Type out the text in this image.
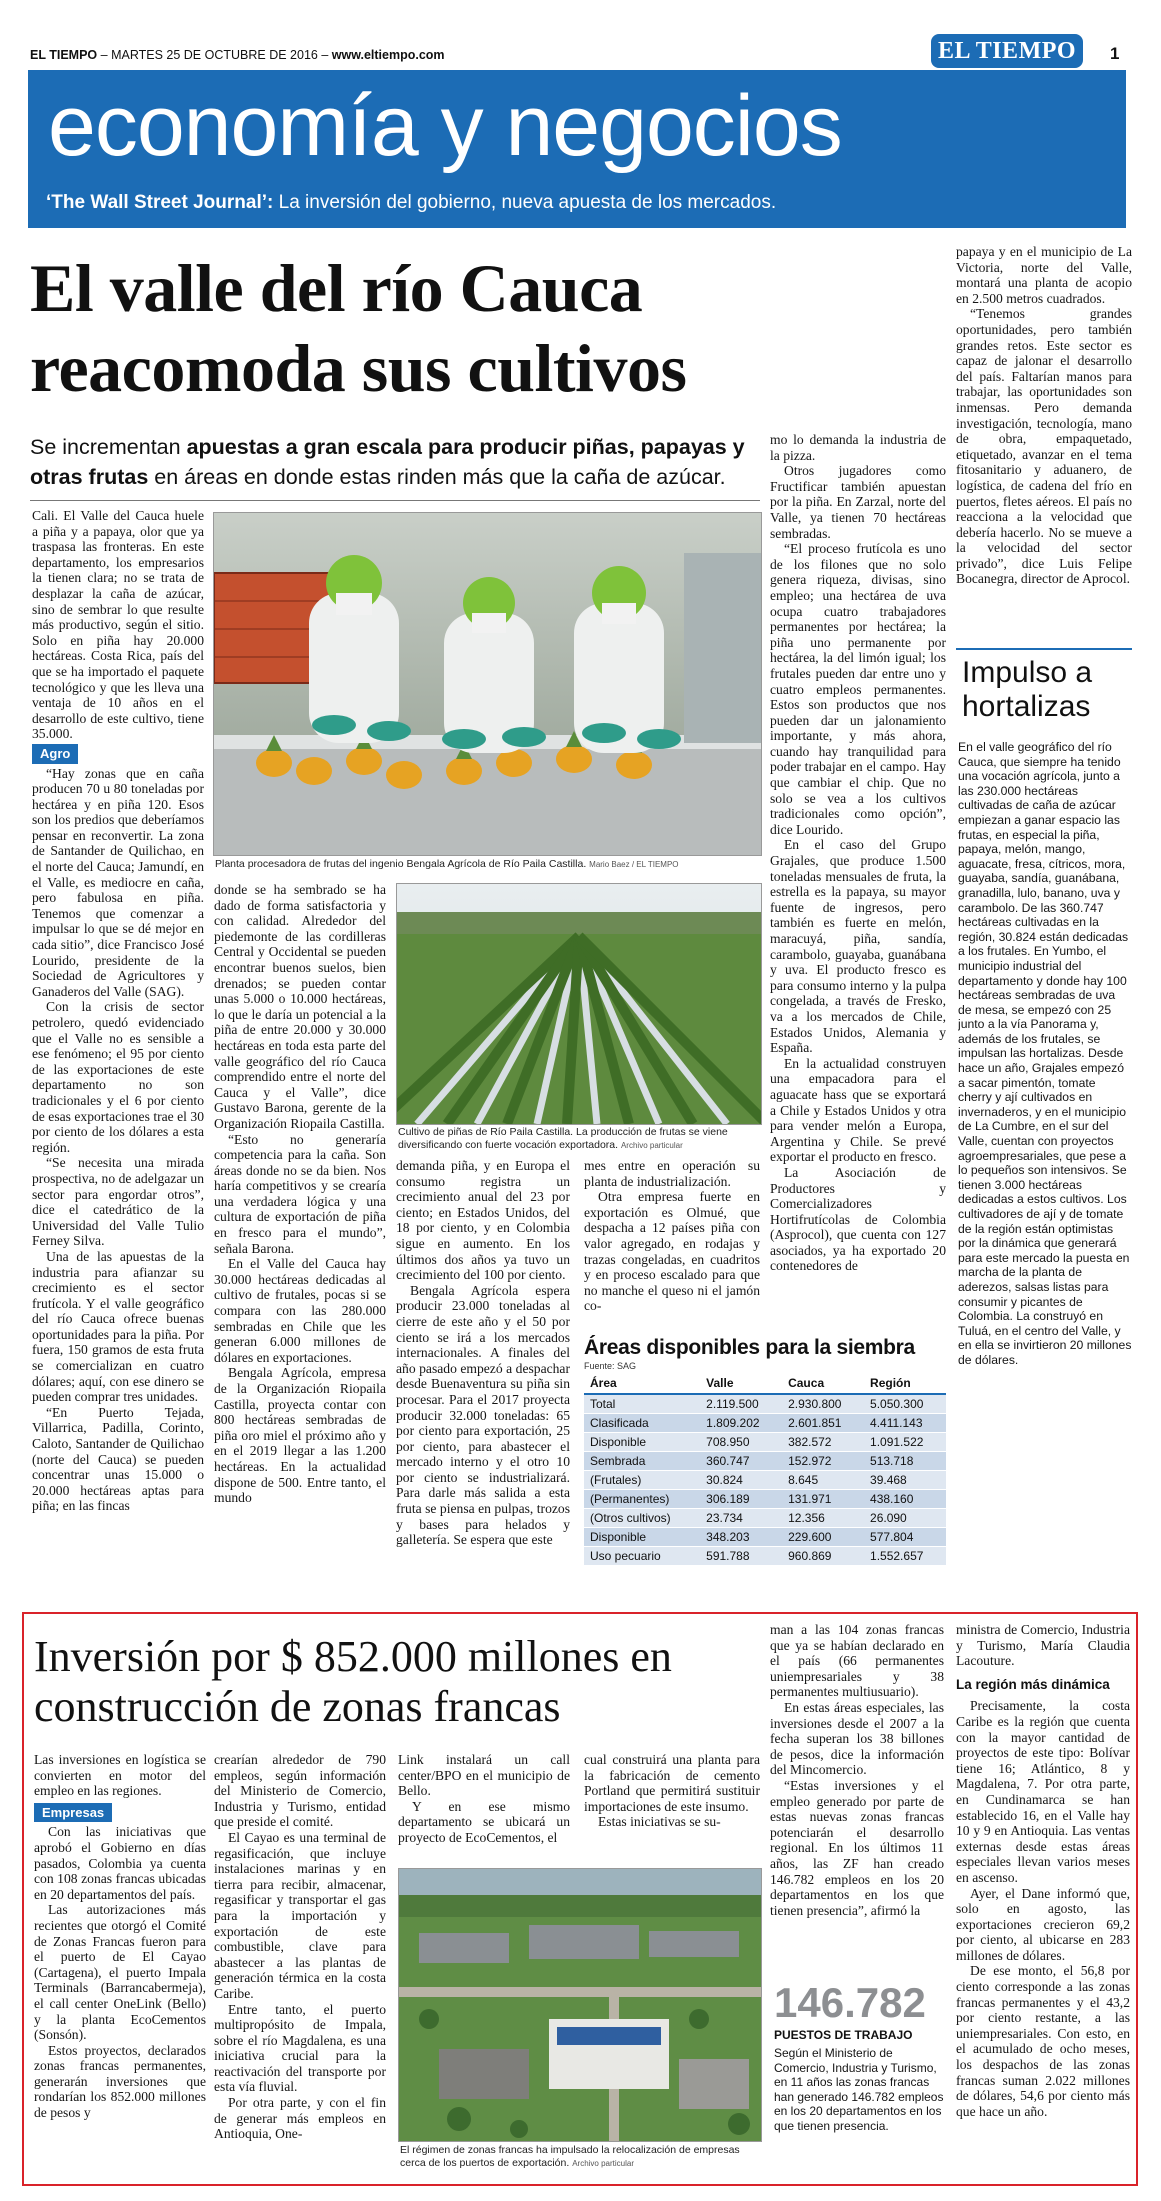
EL TIEMPO – MARTES 25 DE OCTUBRE DE 2016 – www.eltiempo.com	EL TIEMPO	1
economía y negocios
‘The Wall Street Journal’: La inversión del gobierno, nueva apuesta de los mercados.
El valle del río Cauca reacomoda sus cultivos
Se incrementan apuestas a gran escala para producir piñas, papayas y otras frutas en áreas en donde estas rinden más que la caña de azúcar.

Cali. El Valle del Cauca huele a piña y a papaya, olor que ya traspasa las fronteras. En este departamento, los empresarios la tienen clara; no se trata de desplazar la caña de azúcar, sino de sembrar lo que resulte más productivo, según el sitio. Solo en piña hay 20.000 hectáreas. Costa Rica, país del que se ha importado el paquete tecnológico y que les lleva una ventaja de 10 años en el desarrollo de este cultivo, tiene 35.000.

Agro

“Hay zonas que en caña producen 70 u 80 toneladas por hectárea y en piña 120. Esos son los predios que deberíamos pensar en reconvertir. La zona de Santander de Quilichao, en el norte del Cauca; Jamundí, en el Valle, es mediocre en caña, pero fabulosa en piña. Tenemos que comenzar a impulsar lo que se dé mejor en cada sitio”, dice Francisco José Lourido, presidente de la Sociedad de Agricultores y Ganaderos del Valle (SAG).

Con la crisis de sector petrolero, quedó evidenciado que el Valle no es sensible a ese fenómeno; el 95 por ciento de las exportaciones de este departamento no son tradicionales y el 6 por ciento de esas exportaciones trae el 30 por ciento de los dólares a esta región.

“Se necesita una mirada prospectiva, no de adelgazar un sector para engordar otros”, dice el catedrático de la Universidad del Valle Tulio Ferney Silva.

Una de las apuestas de la industria para afianzar su crecimiento es el sector frutícola. Y el valle geográfico del río Cauca ofrece buenas oportunidades para la piña. Por fuera, 150 gramos de esta fruta se comercializan en cuatro dólares; aquí, con ese dinero se pueden comprar tres unidades.

“En Puerto Tejada, Villarrica, Padilla, Corinto, Caloto, Santander de Quilichao (norte del Cauca) se pueden concentrar unas 15.000 o 20.000 hectáreas aptas para piña; en las fincas

Planta procesadora de frutas del ingenio Bengala Agrícola de Río Paila Castilla. Mario Baez / EL TIEMPO

donde se ha sembrado se ha dado de forma satisfactoria y con calidad. Alrededor del piedemonte de las cordilleras Central y Occidental se pueden encontrar buenos suelos, bien drenados; se pueden contar unas 5.000 o 10.000 hectáreas, lo que le daría un potencial a la piña de entre 20.000 y 30.000 hectáreas en toda esta parte del valle geográfico del río Cauca comprendido entre el norte del Cauca y el Valle”, dice Gustavo Barona, gerente de la Organización Riopaila Castilla.

“Esto no generaría competencia para la caña. Son áreas donde no se da bien. Nos haría competitivos y se crearía una verdadera lógica y una cultura de exportación de piña en fresco para el mundo”, señala Barona.

En el Valle del Cauca hay 30.000 hectáreas dedicadas al cultivo de frutales, pocas si se compara con las 280.000 sembradas en Chile que les generan 6.000 millones de dólares en exportaciones.

Bengala Agrícola, empresa de la Organización Riopaila Castilla, proyecta contar con 800 hectáreas sembradas de piña oro miel el próximo año y en el 2019 llegar a las 1.200 hectáreas. En la actualidad dispone de 500. Entre tanto, el mundo

Cultivo de piñas de Río Paila Castilla. La producción de frutas se viene diversificando con fuerte vocación exportadora. Archivo particular

demanda piña, y en Europa el consumo registra un crecimiento anual del 23 por ciento; en Estados Unidos, del 18 por ciento, y en Colombia sigue en aumento. En los últimos dos años ya tuvo un crecimiento del 100 por ciento.

Bengala Agrícola espera producir 23.000 toneladas al cierre de este año y el 50 por ciento se irá a los mercados internacionales. A finales del año pasado empezó a despachar desde Buenaventura su piña sin procesar. Para el 2017 proyecta producir 32.000 toneladas: 65 por ciento para exportación, 25 por ciento, para abastecer el mercado interno y el otro 10 por ciento se industrializará. Para darle más salida a esta fruta se piensa en pulpas, trozos y bases para helados y galletería. Se espera que este

mes entre en operación su planta de industrialización.

Otra empresa fuerte en exportación es Olmué, que despacha a 12 países piña con valor agregado, en rodajas y trazas congeladas, en cuadritos y en proceso escalado para que no manche el queso ni el jamón co-

mo lo demanda la industria de la pizza.

Otros jugadores como Fructificar también apuestan por la piña. En Zarzal, norte del Valle, ya tienen 70 hectáreas sembradas.

“El proceso frutícola es uno de los filones que no solo genera riqueza, divisas, sino empleo; una hectárea de uva ocupa cuatro trabajadores permanentes por hectárea; la piña uno permanente por hectárea, la del limón igual; los frutales pueden dar entre uno y cuatro empleos permanentes. Estos son productos que nos pueden dar un jalonamiento importante, y más ahora, cuando hay tranquilidad para poder trabajar en el campo. Hay que cambiar el chip. Que no solo se vea a los cultivos tradicionales como opción”, dice Lourido.

En el caso del Grupo Grajales, que produce 1.500 toneladas mensuales de fruta, la estrella es la papaya, su mayor fuente de ingresos, pero también es fuerte en melón, maracuyá, piña, sandía, carambolo, guayaba, guanábana y uva. El producto fresco es para consumo interno y la pulpa congelada, a través de Fresko, va a los mercados de Chile, Estados Unidos, Alemania y España.

En la actualidad construyen una empacadora para el aguacate hass que se exportará a Chile y Estados Unidos y otra para vender melón a Europa, Argentina y Chile. Se prevé exportar el producto en fresco.

La Asociación de Productores y Comercializadores Hortifrutícolas de Colombia (Asprocol), que cuenta con 127 asociados, ya ha exportado 20 contenedores de

papaya y en el municipio de La Victoria, norte del Valle, montará una planta de acopio en 2.500 metros cuadrados.

“Tenemos grandes oportunidades, pero también grandes retos. Este sector es capaz de jalonar el desarrollo del país. Faltarían manos para trabajar, las oportunidades son inmensas. Pero demanda investigación, tecnología, mano de obra, empaquetado, etiquetado, avanzar en el tema fitosanitario y aduanero, de logística, de cadena del frío en puertos, fletes aéreos. El país no reacciona a la velocidad que debería hacerlo. No se mueve a la velocidad del sector privado”, dice Luis Felipe Bocanegra, director de Aprocol.

Impulso a hortalizas
En el valle geográfico del río Cauca, que siempre ha tenido una vocación agrícola, junto a las 230.000 hectáreas cultivadas de caña de azúcar empiezan a ganar espacio las frutas, en especial la piña, papaya, melón, mango, aguacate, fresa, cítricos, mora, guayaba, sandía, guanábana, granadilla, lulo, banano, uva y carambolo. De las 360.747 hectáreas cultivadas en la región, 30.824 están dedicadas a los frutales. En Yumbo, el municipio industrial del departamento y donde hay 100 hectáreas sembradas de uva de mesa, se empezó con 25 junto a la vía Panorama y, además de los frutales, se impulsan las hortalizas. Desde hace un año, Grajales empezó a sacar pimentón, tomate cherry y ají cultivados en invernaderos, y en el municipio de La Cumbre, en el sur del Valle, cuentan con proyectos agroempresariales, que pese a lo pequeños son intensivos. Se tienen 3.000 hectáreas dedicadas a estos cultivos. Los cultivadores de ají y de tomate de la región están optimistas por la dinámica que generará para este mercado la puesta en marcha de la planta de aderezos, salsas listas para consumir y picantes de Colombia. La construyó en Tuluá, en el centro del Valle, y en ella se invirtieron 20 millones de dólares.
Áreas disponibles para la siembra
Fuente: SAG
Área	Valle	Cauca	Región
Total	2.119.500	2.930.800	5.050.300
Clasificada	1.809.202	2.601.851	4.411.143
Disponible	708.950	382.572	1.091.522
Sembrada	360.747	152.972	513.718
(Frutales)	30.824	8.645	39.468
(Permanentes)	306.189	131.971	438.160
(Otros cultivos)	23.734	12.356	26.090
Disponible	348.203	229.600	577.804
Uso pecuario	591.788	960.869	1.552.657
Inversión por $ 852.000 millones en construcción de zonas francas

Las inversiones en logística se convierten en motor del empleo en las regiones.

Empresas

Con las iniciativas que aprobó el Gobierno en días pasados, Colombia ya cuenta con 108 zonas francas ubicadas en 20 departamentos del país.

Las autorizaciones más recientes que otorgó el Comité de Zonas Francas fueron para el puerto de El Cayao (Cartagena), el puerto Impala Terminals (Barrancabermeja), el call center OneLink (Bello) y la planta EcoCementos (Sonsón).

Estos proyectos, declarados zonas francas permanentes, generarán inversiones que rondarían los 852.000 millones de pesos y

crearían alrededor de 790 empleos, según información del Ministerio de Comercio, Industria y Turismo, entidad que preside el comité.

El Cayao es una terminal de regasificación, que incluye instalaciones marinas y en tierra para recibir, almacenar, regasificar y transportar el gas para la importación y exportación de este combustible, clave para abastecer a las plantas de generación térmica en la costa Caribe.

Entre tanto, el puerto multipropósito de Impala, sobre el río Magdalena, es una iniciativa crucial para la reactivación del transporte por esta vía fluvial.

Por otra parte, y con el fin de generar más empleos en Antioquia, One-

Link instalará un call center/BPO en el municipio de Bello.

Y en ese mismo departamento se ubicará un proyecto de EcoCementos, el

cual construirá una planta para la fabricación de cemento Portland que permitirá sustituir importaciones de este insumo.

Estas iniciativas se su-

El régimen de zonas francas ha impulsado la relocalización de empresas cerca de los puertos de exportación. Archivo particular

man a las 104 zonas francas que ya se habían declarado en el país (66 permanentes uniempresariales y 38 permanentes multiusuario).

En estas áreas especiales, las inversiones desde el 2007 a la fecha superan los 38 billones de pesos, dice la información del Mincomercio.

“Estas inversiones y el empleo generado por parte de estas nuevas zonas francas potenciarán el desarrollo regional. En los últimos 11 años, las ZF han creado 146.782 empleos en los 20 departamentos en los que tienen presencia”, afirmó la

146.782
PUESTOS DE TRABAJO
Según el Ministerio de Comercio, Industria y Turismo, en 11 años las zonas francas han generado 146.782 empleos en los 20 departamentos en los que tienen presencia.

ministra de Comercio, Industria y Turismo, María Claudia Lacouture.

La región más dinámica

Precisamente, la costa Caribe es la región que cuenta con la mayor cantidad de proyectos de este tipo: Bolívar tiene 16; Atlántico, 8 y Magdalena, 7. Por otra parte, en Cundinamarca se han establecido 16, en el Valle hay 10 y 9 en Antioquia. Las ventas externas desde estas áreas especiales llevan varios meses en ascenso.

Ayer, el Dane informó que, solo en agosto, las exportaciones crecieron 69,2 por ciento, al ubicarse en 283 millones de dólares.

De ese monto, el 56,8 por ciento corresponde a las zonas francas permanentes y el 43,2 por ciento restante, a las uniempresariales. Con esto, en el acumulado de ocho meses, los despachos de las zonas francas suman 2.022 millones de dólares, 54,6 por ciento más que hace un año.
